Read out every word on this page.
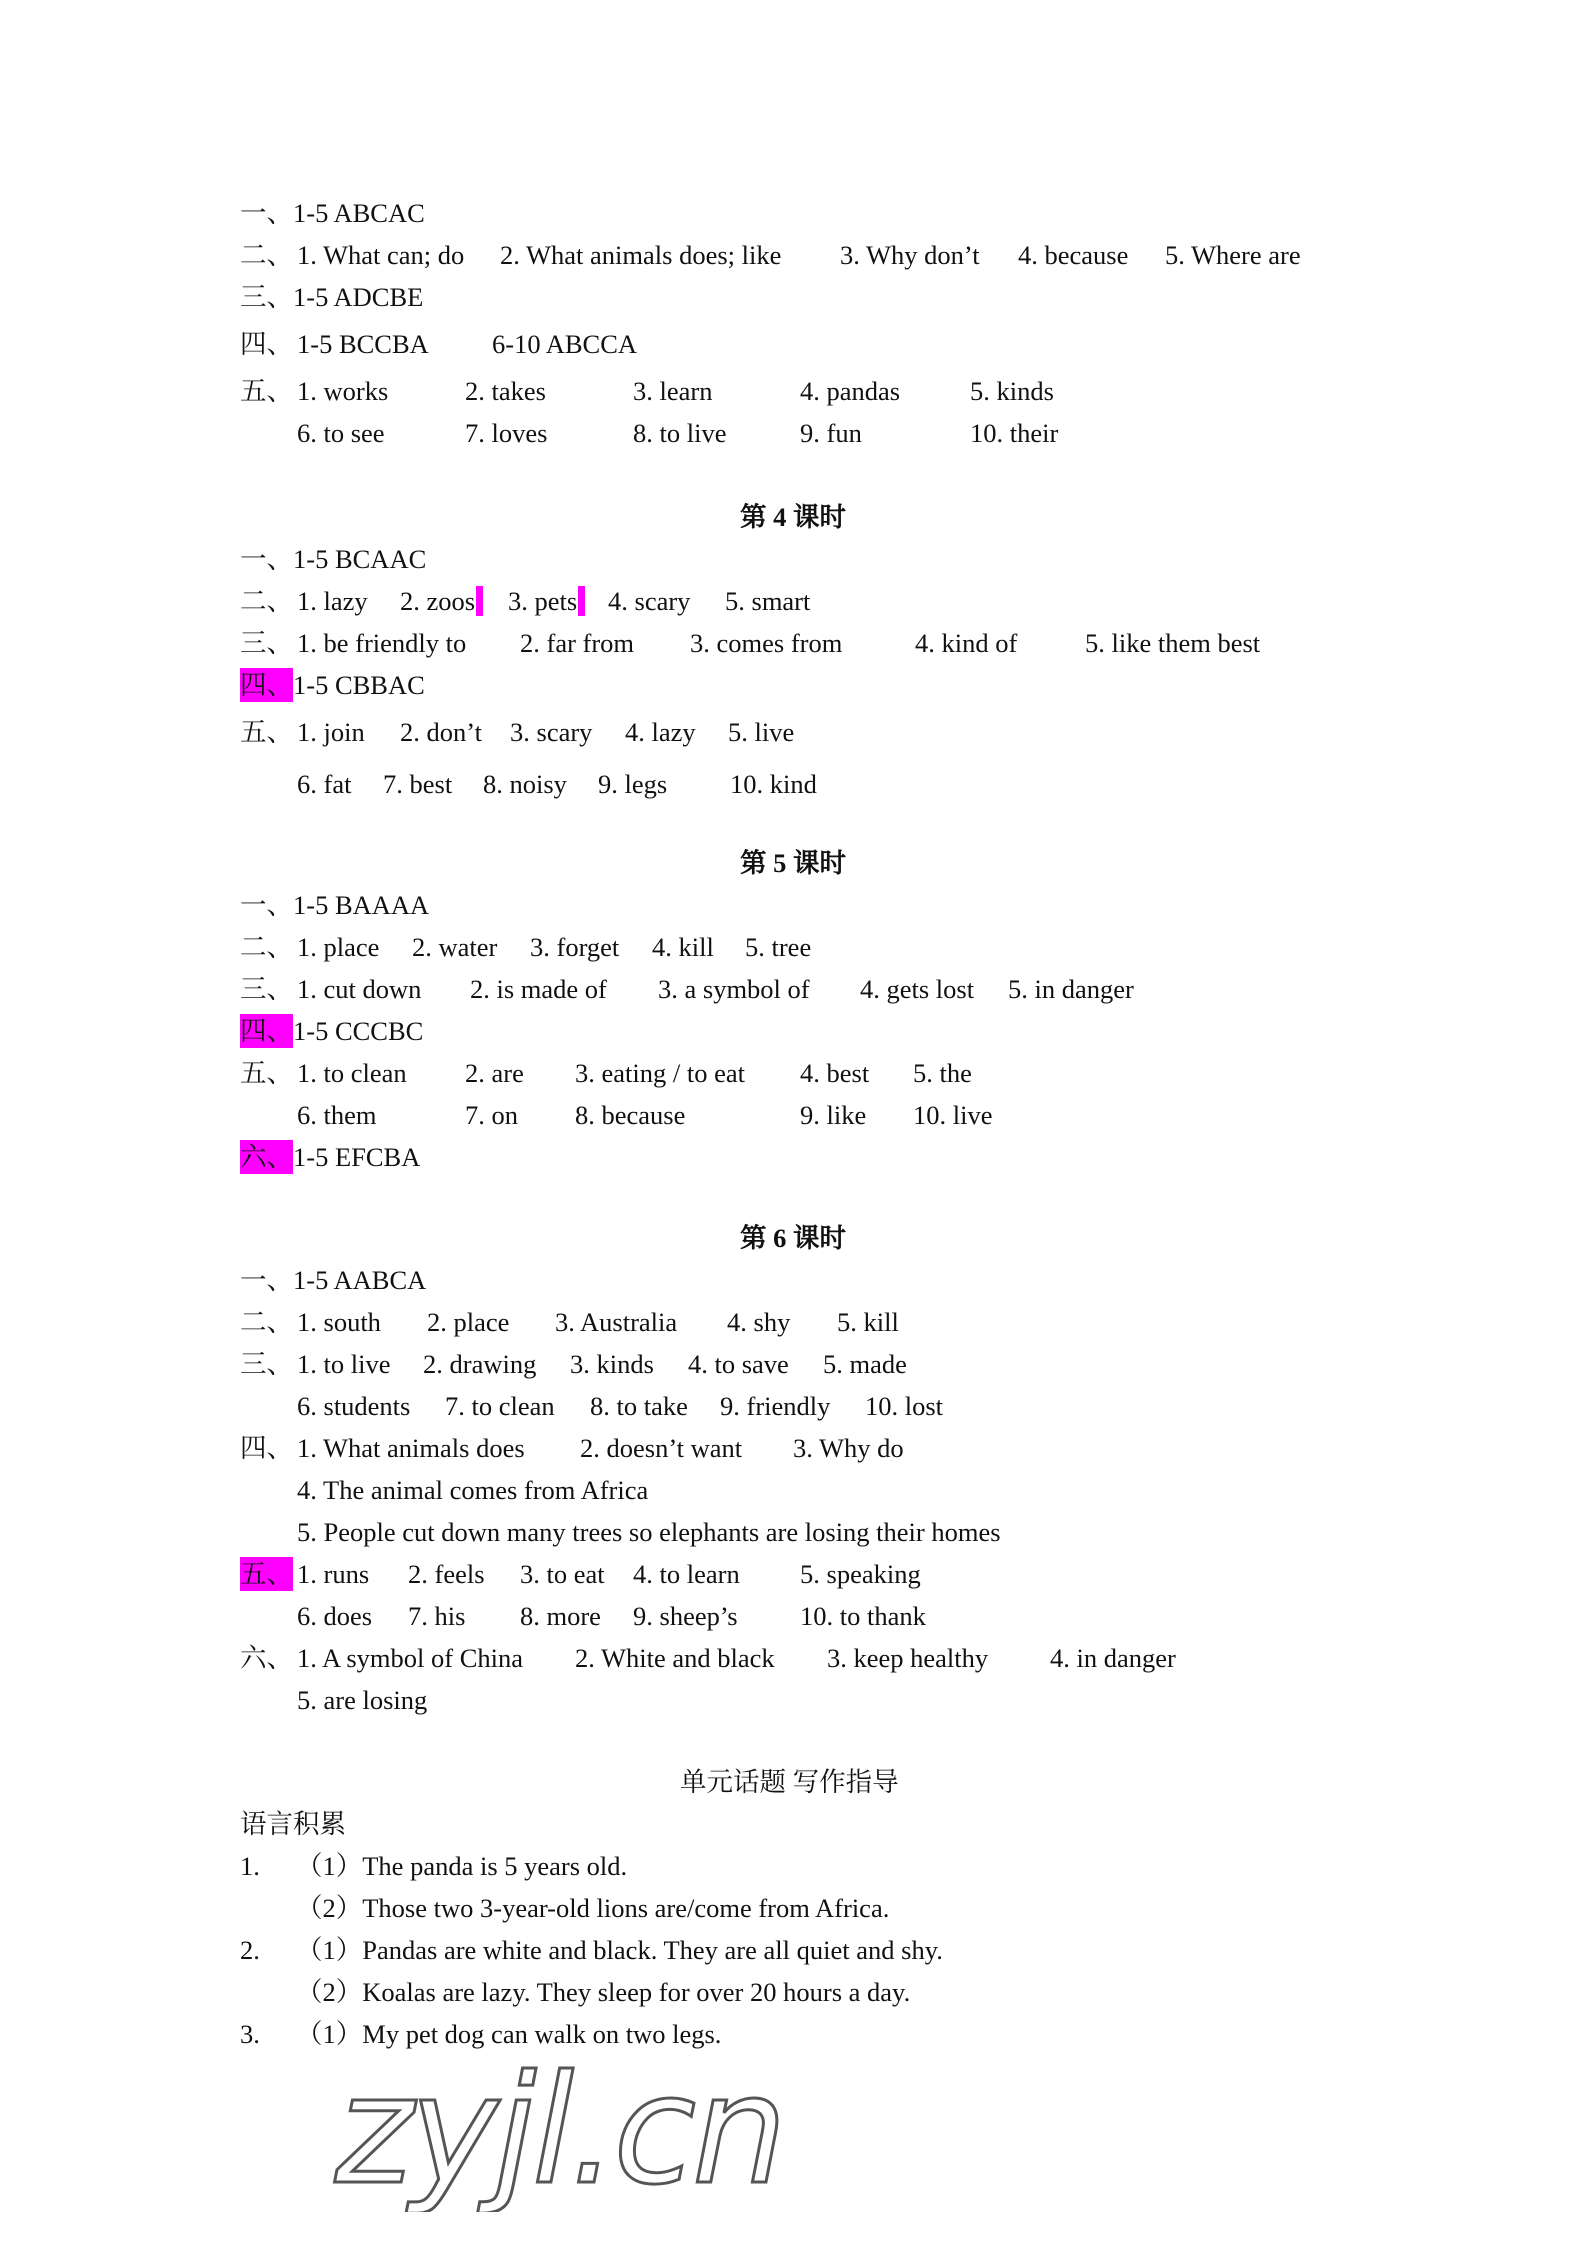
一、1-5 ABCAC
二、 1. What can; do 2. What animals does; like 3. Why don’t 4. because 5. Where are
三、1-5 ADCBE
四、 1-5 BCCBA 6-10 ABCCA
五、 1. works	2. takes	3. learn	4. pandas	5. kinds
6. to see	7. loves	8. to live	9. fun	10. their
第 4 课时
一、1-5 BCAAC
二、 1. lazy 2. zoos	3. pets	4. scary 5. smart
三、 1. be friendly to 2. far from 3. comes from	4. kind of	5. like them best
四、1-5 CBBAC
五、 1. join 2. don’t 3. scary 4. lazy 5. live
6. fat 7. best 8. noisy 9. legs 10. kind
第 5 课时
一、1-5 BAAAA
二、 1. place 2. water 3. forget 4. kill 5. tree
三、 1. cut down 2. is made of 3. a symbol of 4. gets lost 5. in danger
四、1-5 CCCBC
五、 1. to clean 2. are 3. eating / to eat 4. best 5. the
6. them	7. on 8. because	9. like 10. live
六、1-5 EFCBA
第 6 课时
一、1-5 AABCA
二、 1. south 2. place 3. Australia 4. shy 5. kill
三、 1. to live 2. drawing 3. kinds 4. to save 5. made
6. students 7. to clean 8. to take 9. friendly 10. lost
四、 1. What animals does 2. doesn’t want 3. Why do
4. The animal comes from Africa
5. People cut down many trees so elephants are losing their homes
五、 1. runs 2. feels 3. to eat 4. to learn 5. speaking
6. does 7. his 8. more 9. sheep’s 10. to thank
六、 1. A symbol of China 2. White and black 3. keep healthy 4. in danger
5. are losing
单元话题 写作指导
语言积累
1. （1）The panda is 5 years old.
（2）Those two 3-year-old lions are/come from Africa.
2. （1）Pandas are white and black. They are all quiet and shy.
（2）Koalas are lazy. They sleep for over 20 hours a day.
3. （1）My pet dog can walk on two legs.
zyjl.cn
